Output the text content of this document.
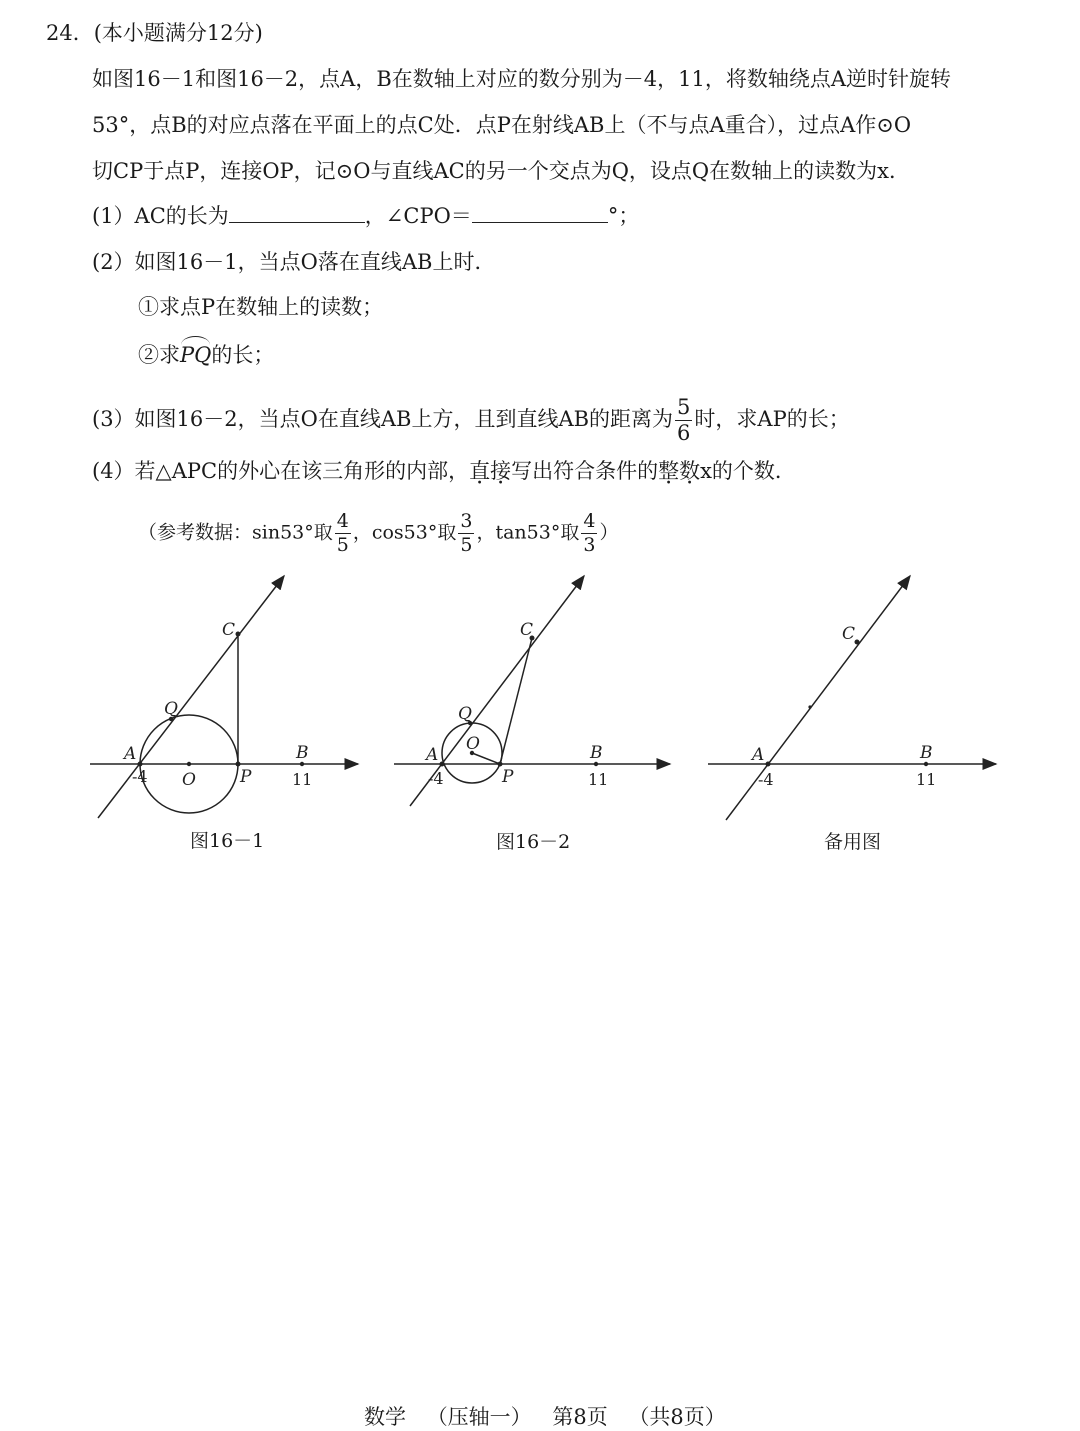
24．(本小题满分12分)
如图16－1和图16－2，点A，B在数轴上对应的数分别为－4，11，将数轴绕点A逆时针旋转
53°，点B的对应点落在平面上的点C处．点P在射线AB上（不与点A重合），过点A作⊙O
切CP于点P，连接OP，记⊙O与直线AC的另一个交点为Q，设点Q在数轴上的读数为x．
(1）AC的长为	，∠CPO＝	°；
(2）如图16－1，当点O落在直线AB上时．
①求点P在数轴上的读数；
②求PQ的长；
(3）如图16－2，当点O在直线AB上方，且到直线AB的距离为 $\frac{5}{6}$ 时，求AP的长；
(4）若△APC的外心在该三角形的内部，直接写出符合条件的整数x的个数．
（参考数据：sin53°取 $\frac{4}{5}$ ，cos53°取 $\frac{3}{5}$ ，tan53°取 $\frac{4}{3}$ ）
A	B
C
Q
O	P
-4	11
图16－1
A	B
C
Q
O
P
-4	11
图16－2
A	B
C
-4	11
备用图
数学 （压轴一） 第8页 （共8页）
